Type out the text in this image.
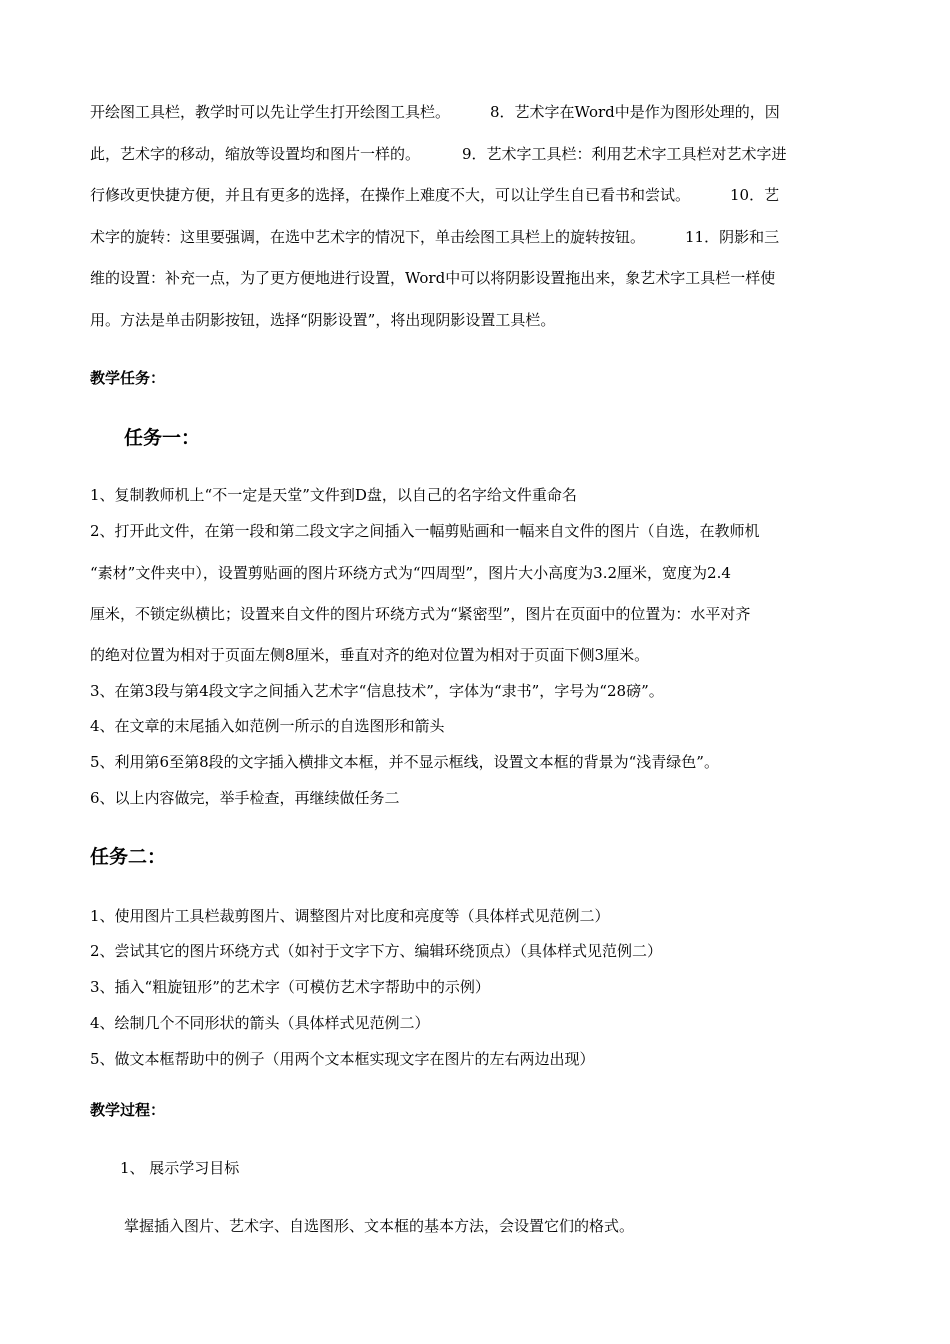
开绘图工具栏，教学时可以先让学生打开绘图工具栏。	8．艺术字在Word中是作为图形处理的，因
此，艺术字的移动，缩放等设置均和图片一样的。	9．艺术字工具栏：利用艺术字工具栏对艺术字进
行修改更快捷方便，并且有更多的选择，在操作上难度不大，可以让学生自已看书和尝试。	10．艺
术字的旋转：这里要强调，在选中艺术字的情况下，单击绘图工具栏上的旋转按钮。	11．阴影和三
维的设置：补充一点，为了更方便地进行设置，Word中可以将阴影设置拖出来，象艺术字工具栏一样使
用。方法是单击阴影按钮，选择“阴影设置”，将出现阴影设置工具栏。
教学任务：
任务一：
1、复制教师机上“不一定是天堂”文件到D盘，以自己的名字给文件重命名
2、打开此文件，在第一段和第二段文字之间插入一幅剪贴画和一幅来自文件的图片（自选，在教师机
“素材”文件夹中），设置剪贴画的图片环绕方式为“四周型”，图片大小高度为3.2厘米，宽度为2.4
厘米，不锁定纵横比；设置来自文件的图片环绕方式为“紧密型”，图片在页面中的位置为：水平对齐
的绝对位置为相对于页面左侧8厘米，垂直对齐的绝对位置为相对于页面下侧3厘米。
3、在第3段与第4段文字之间插入艺术字“信息技术”，字体为“隶书”，字号为“28磅”。
4、在文章的末尾插入如范例一所示的自选图形和箭头
5、利用第6至第8段的文字插入横排文本框，并不显示框线，设置文本框的背景为“浅青绿色”。
6、以上内容做完，举手检查，再继续做任务二
任务二：
1、使用图片工具栏裁剪图片、调整图片对比度和亮度等（具体样式见范例二）
2、尝试其它的图片环绕方式（如衬于文字下方、编辑环绕顶点）（具体样式见范例二）
3、插入“粗旋钮形”的艺术字（可模仿艺术字帮助中的示例）
4、绘制几个不同形状的箭头（具体样式见范例二）
5、做文本框帮助中的例子（用两个文本框实现文字在图片的左右两边出现）
教学过程：
1、 展示学习目标
掌握插入图片、艺术字、自选图形、文本框的基本方法，会设置它们的格式。
